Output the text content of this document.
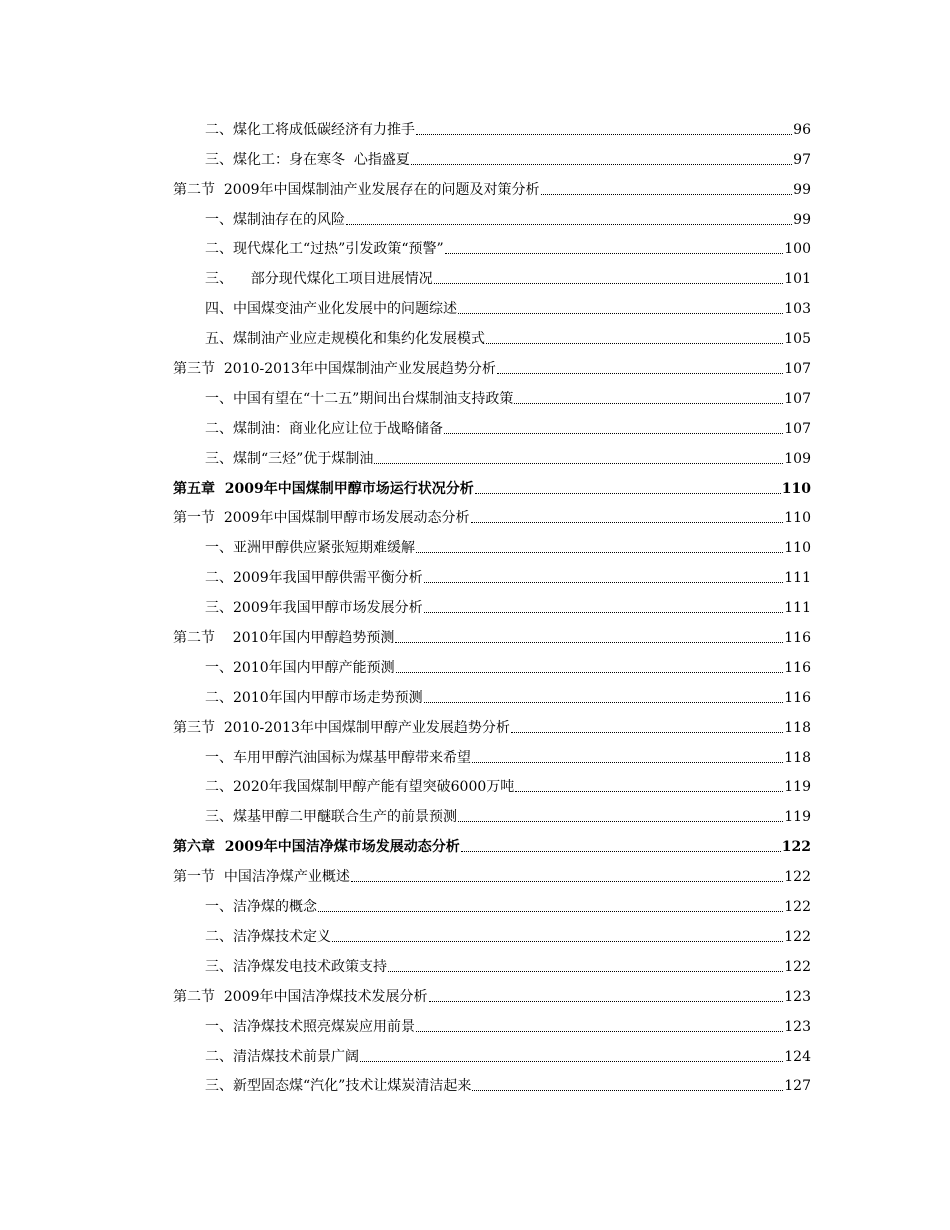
二、煤化工将成低碳经济有力推手	96
三、煤化工：身在寒冬  心指盛夏	97
第二节  2009年中国煤制油产业发展存在的问题及对策分析	99
一、煤制油存在的风险	99
二、现代煤化工“过热”引发政策“预警”	100
三、    部分现代煤化工项目进展情况	101
四、中国煤变油产业化发展中的问题综述	103
五、煤制油产业应走规模化和集约化发展模式	105
第三节  2010-2013年中国煤制油产业发展趋势分析	107
一、中国有望在“十二五”期间出台煤制油支持政策	107
二、煤制油：商业化应让位于战略储备	107
三、煤制“三烃”优于煤制油	109
第五章  2009年中国煤制甲醇市场运行状况分析	110
第一节  2009年中国煤制甲醇市场发展动态分析	110
一、亚洲甲醇供应紧张短期难缓解	110
二、2009年我国甲醇供需平衡分析	111
三、2009年我国甲醇市场发展分析	111
第二节    2010年国内甲醇趋势预测	116
一、2010年国内甲醇产能预测	116
二、2010年国内甲醇市场走势预测	116
第三节  2010-2013年中国煤制甲醇产业发展趋势分析	118
一、车用甲醇汽油国标为煤基甲醇带来希望	118
二、2020年我国煤制甲醇产能有望突破6000万吨	119
三、煤基甲醇二甲醚联合生产的前景预测	119
第六章  2009年中国洁净煤市场发展动态分析	122
第一节  中国洁净煤产业概述	122
一、洁净煤的概念	122
二、洁净煤技术定义	122
三、洁净煤发电技术政策支持	122
第二节  2009年中国洁净煤技术发展分析	123
一、洁净煤技术照亮煤炭应用前景	123
二、清洁煤技术前景广阔	124
三、新型固态煤“汽化”技术让煤炭清洁起来	127
